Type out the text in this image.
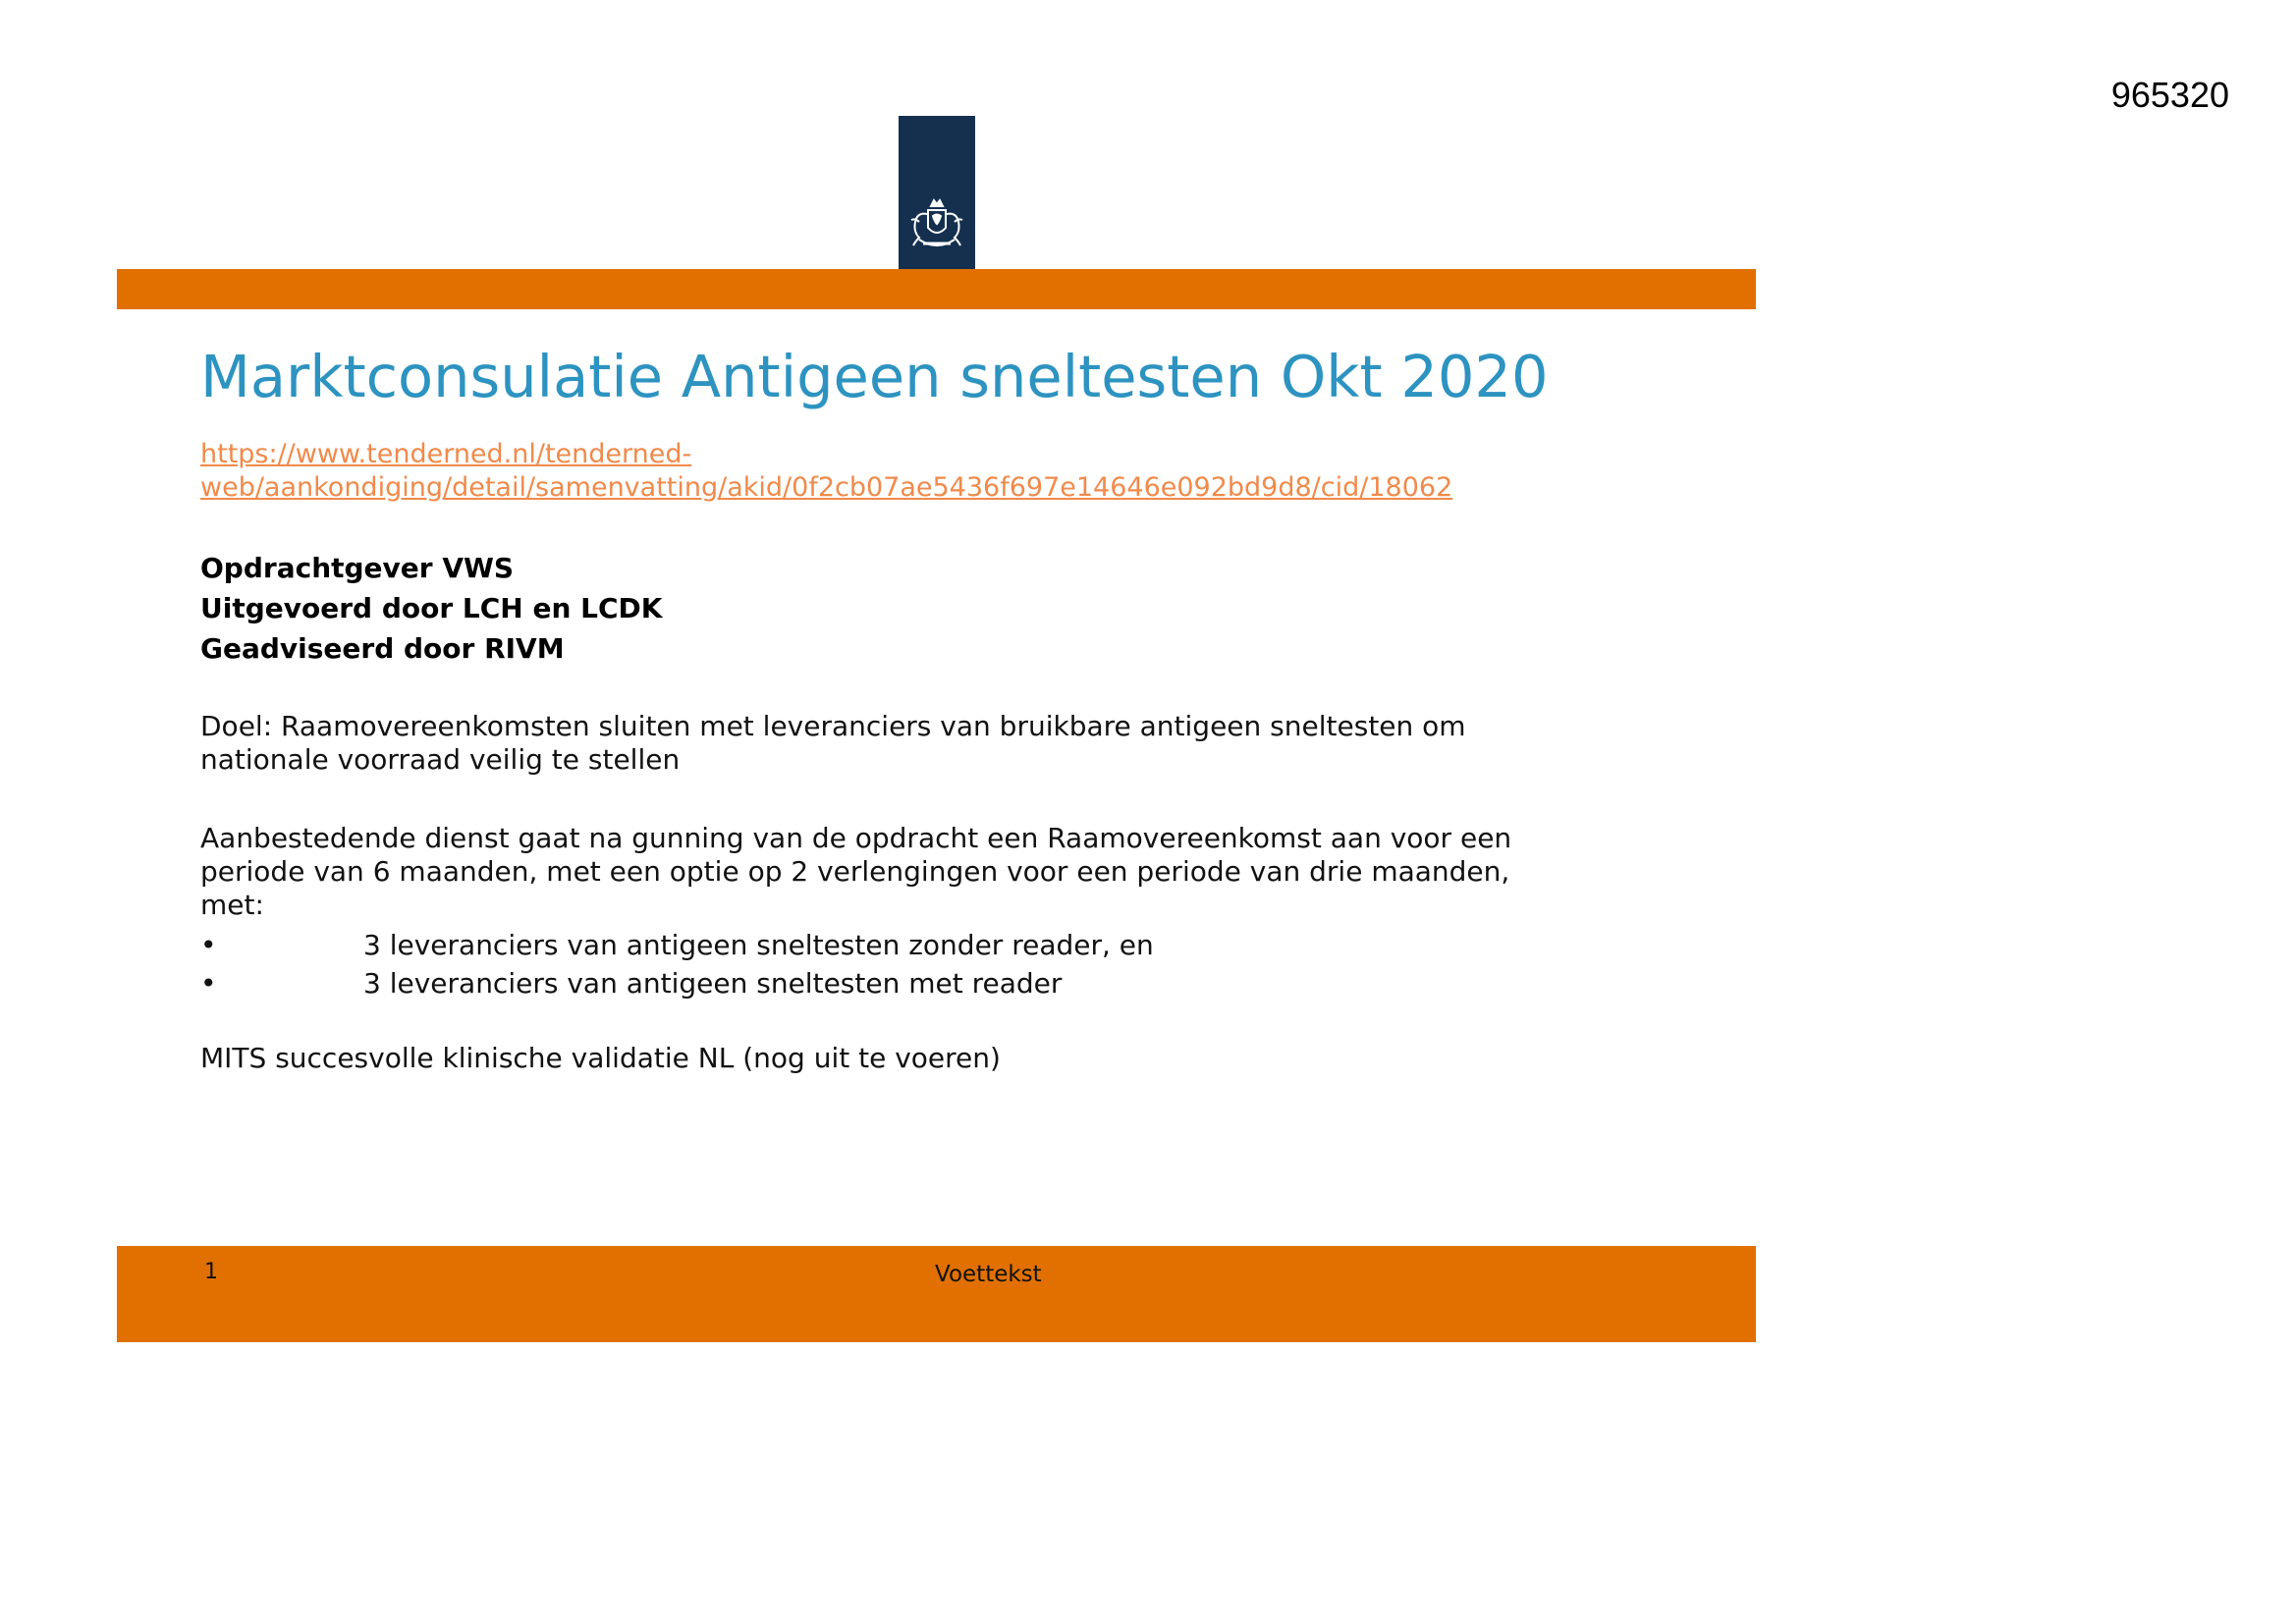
965320
Marktconsulatie Antigeen sneltesten Okt 2020
https://www.tenderned.nl/tenderned-
web/aankondiging/detail/samenvatting/akid/0f2cb07ae5436f697e14646e092bd9d8/cid/18062
Opdrachtgever VWS
Uitgevoerd door LCH en LCDK
Geadviseerd door RIVM
Doel: Raamovereenkomsten sluiten met leveranciers van bruikbare antigeen sneltesten om
nationale voorraad veilig te stellen
Aanbestedende dienst gaat na gunning van de opdracht een Raamovereenkomst aan voor een
periode van 6 maanden, met een optie op 2 verlengingen voor een periode van drie maanden,
met:
•	3 leveranciers van antigeen sneltesten zonder reader, en
•	3 leveranciers van antigeen sneltesten met reader
MITS succesvolle klinische validatie NL (nog uit te voeren)
1	Voettekst
